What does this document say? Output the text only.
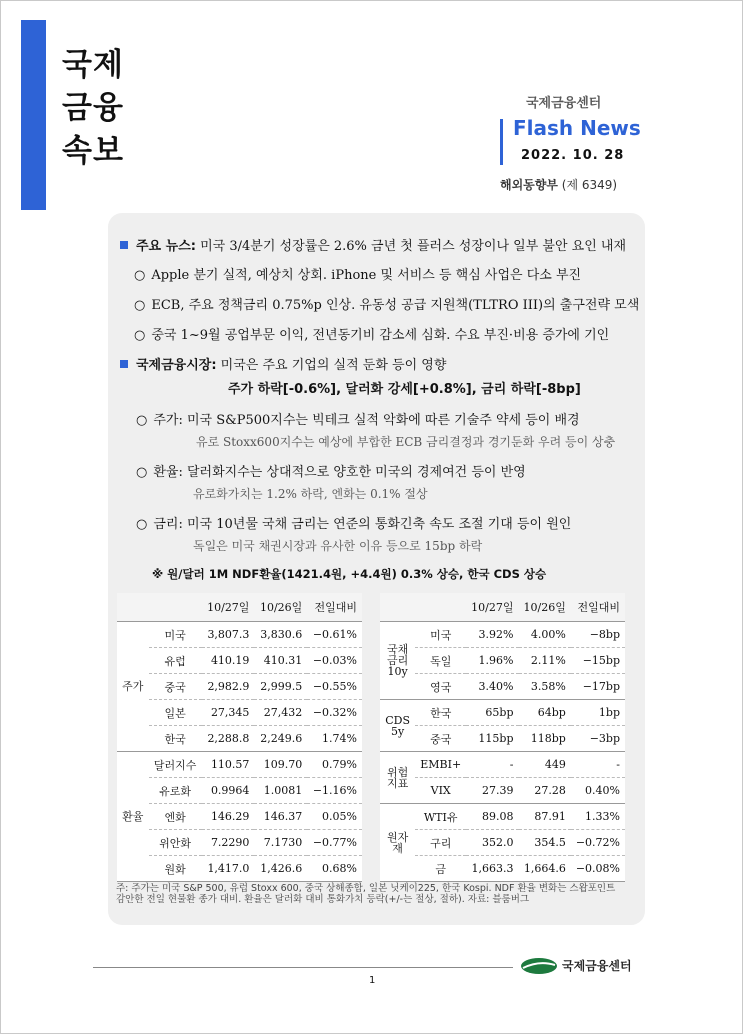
국제
금융
속보
국제금융센터
Flash News
2022. 10. 28
해외동향부 (제 6349)
주요 뉴스: 미국 3/4분기 성장률은 2.6% 금년 첫 플러스 성장이나 일부 불안 요인 내재
○ Apple 분기 실적, 예상치 상회. iPhone 및 서비스 등 핵심 사업은 다소 부진
○ ECB, 주요 정책금리 0.75%p 인상. 유동성 공급 지원책(TLTRO III)의 출구전략 모색
○ 중국 1~9월 공업부문 이익, 전년동기비 감소세 심화. 수요 부진·비용 증가에 기인
국제금융시장: 미국은 주요 기업의 실적 둔화 등이 영향
주가 하락[-0.6%], 달러화 강세[+0.8%], 금리 하락[-8bp]
○ 주가: 미국 S&P500지수는 빅테크 실적 악화에 따른 기술주 약세 등이 배경
유로 Stoxx600지수는 예상에 부합한 ECB 금리결정과 경기둔화 우려 등이 상충
○ 환율: 달러화지수는 상대적으로 양호한 미국의 경제여건 등이 반영
유로화가치는 1.2% 하락, 엔화는 0.1% 절상
○ 금리: 미국 10년물 국채 금리는 연준의 통화긴축 속도 조절 기대 등이 원인
독일은 미국 채권시장과 유사한 이유 등으로 15bp 하락
※ 원/달러 1M NDF환율(1421.4원, +4.4원) 0.3% 상승, 한국 CDS 상승
		10/27일	10/26일	전일대비
주가	미국	3,807.3	3,830.6	−0.61%
	유럽	410.19	410.31	−0.03%
	중국	2,982.9	2,999.5	−0.55%
	일본	27,345	27,432	−0.32%
	한국	2,288.8	2,249.6	1.74%
환율	달러지수	110.57	109.70	0.79%
	유로화	0.9964	1.0081	−1.16%
	엔화	146.29	146.37	0.05%
	위안화	7.2290	7.1730	−0.77%
	원화	1,417.0	1,426.6	0.68%
		10/27일	10/26일	전일대비
국채
금리
10y	미국	3.92%	4.00%	−8bp
	독일	1.96%	2.11%	−15bp
	영국	3.40%	3.58%	−17bp
CDS
5y	한국	65bp	64bp	1bp
	중국	115bp	118bp	−3bp
위험
지표	EMBI+	-	449	-
	VIX	27.39	27.28	0.40%
원자재	WTI유	89.08	87.91	1.33%
	구리	352.0	354.5	−0.72%
	금	1,663.3	1,664.6	−0.08%
주: 주가는 미국 S&P 500, 유럽 Stoxx 600, 중국 상해종합, 일본 닛케이225, 한국 Kospi. NDF 환율 변화는 스왑포인트 감안한 전일 현물환 종가 대비. 환율은 달러화 대비 통화가치 등락(+/-는 절상, 절하). 자료: 블룸버그
국제금융센터
1
